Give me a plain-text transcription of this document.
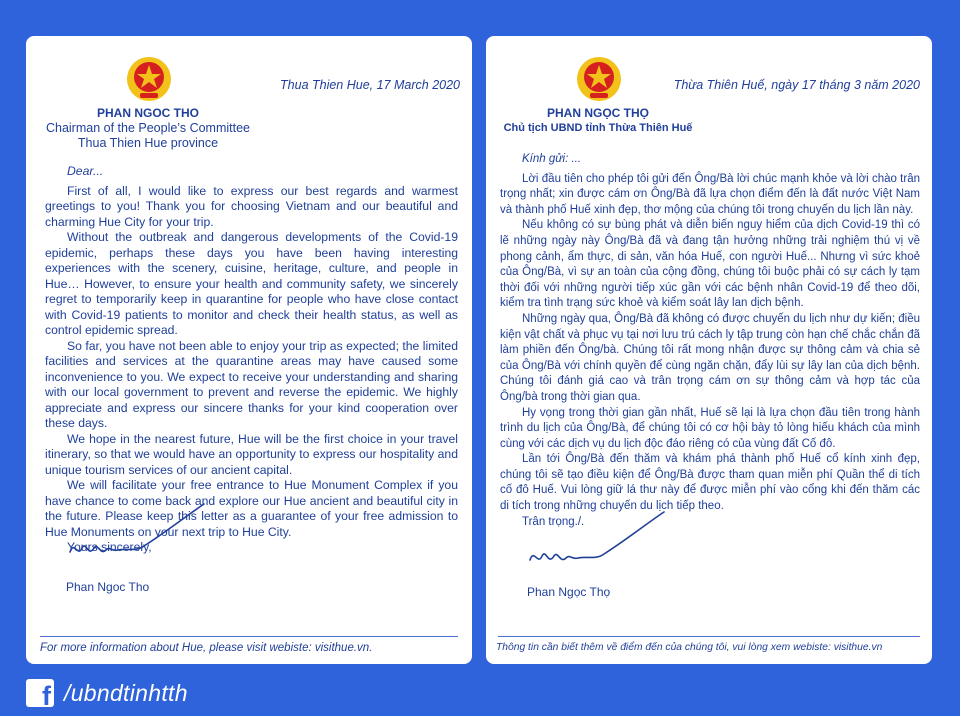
Thua Thien Hue, 17 March 2020
PHAN NGOC THO
Chairman of the People’s Committee
Thua Thien Hue province
Dear...

First of all, I would like to express our best regards and warmest greetings to you! Thank you for choosing Vietnam and our beautiful and charming Hue City for your trip.

Without the outbreak and dangerous developments of the Covid-19 epidemic, perhaps these days you have been having interesting experiences with the scenery, cuisine, heritage, culture, and people in Hue… However, to ensure your health and community safety, we sincerely regret to temporarily keep in quarantine for people who have close contact with Covid-19 patients to monitor and check their health status, as well as control epidemic spread.

So far, you have not been able to enjoy your trip as expected; the limited facilities and services at the quarantine areas may have caused some inconvenience to you. We expect to receive your understanding and sharing with our local government to prevent and reverse the epidemic. We highly appreciate and express our sincere thanks for your kind cooperation over these days.

We hope in the nearest future, Hue will be the first choice in your travel itinerary, so that we would have an opportunity to express our hospitality and unique tourism services of our ancient capital.

We will facilitate your free entrance to Hue Monument Complex if you have chance to come back and explore our Hue ancient and beautiful city in the future. Please keep this letter as a guarantee of your free admission to Hue Monuments on your next trip to Hue City.

Yours sincerely,
Phan Ngoc Tho
For more information about Hue, please visit webiste: visithue.vn.
Thừa Thiên Huế, ngày 17 tháng 3 năm 2020
PHAN NGỌC THỌ
Chủ tịch UBND tỉnh Thừa Thiên Huế
Kính gửi: ...

Lời đầu tiên cho phép tôi gửi đến Ông/Bà lời chúc mạnh khỏe và lời chào trân trọng nhất; xin được cám ơn Ông/Bà đã lựa chọn điểm đến là đất nước Việt Nam và thành phố Huế xinh đẹp, thơ mộng của chúng tôi trong chuyến du lịch lần này.

Nếu không có sự bùng phát và diễn biến nguy hiểm của dịch Covid-19 thì có lẽ những ngày này Ông/Bà đã và đang tận hưởng những trải nghiệm thú vị về phong cảnh, ẩm thực, di sản, văn hóa Huế, con người Huế... Nhưng vì sức khoẻ của Ông/Bà, vì sự an toàn của cộng đồng, chúng tôi buộc phải có sự cách ly tạm thời đối với những người tiếp xúc gần với các bệnh nhân Covid-19 để theo dõi, kiểm tra tình trạng sức khoẻ và kiểm soát lây lan dịch bệnh.

Những ngày qua, Ông/Bà đã không có được chuyến du lịch như dự kiến; điều kiện vật chất và phục vụ tại nơi lưu trú cách ly tập trung còn hạn chế chắc chắn đã làm phiền đến Ông/bà. Chúng tôi rất mong nhận được sự thông cảm và chia sẻ của Ông/Bà với chính quyền để cùng ngăn chặn, đẩy lùi sự lây lan của dịch bệnh. Chúng tôi đánh giá cao và trân trọng cám ơn sự thông cảm và hợp tác của Ông/bà trong thời gian qua.

Hy vọng trong thời gian gần nhất, Huế sẽ lại là lựa chọn đầu tiên trong hành trình du lịch của Ông/Bà, để chúng tôi có cơ hội bày tỏ lòng hiếu khách của mình cùng với các dịch vụ du lịch độc đáo riêng có của vùng đất Cố đô.

Lần tới Ông/Bà đến thăm và khám phá thành phố Huế cổ kính xinh đẹp, chúng tôi sẽ tạo điều kiện để Ông/Bà được tham quan miễn phí Quần thể di tích cố đô Huế. Vui lòng giữ lá thư này để được miễn phí vào cổng khi đến thăm các di tích trong những chuyến du lịch tiếp theo.

Trân trọng./.
Phan Ngọc Thọ
Thông tin cần biết thêm về điểm đến của chúng tôi, vui lòng xem webiste: visithue.vn
f /ubndtinhtth
